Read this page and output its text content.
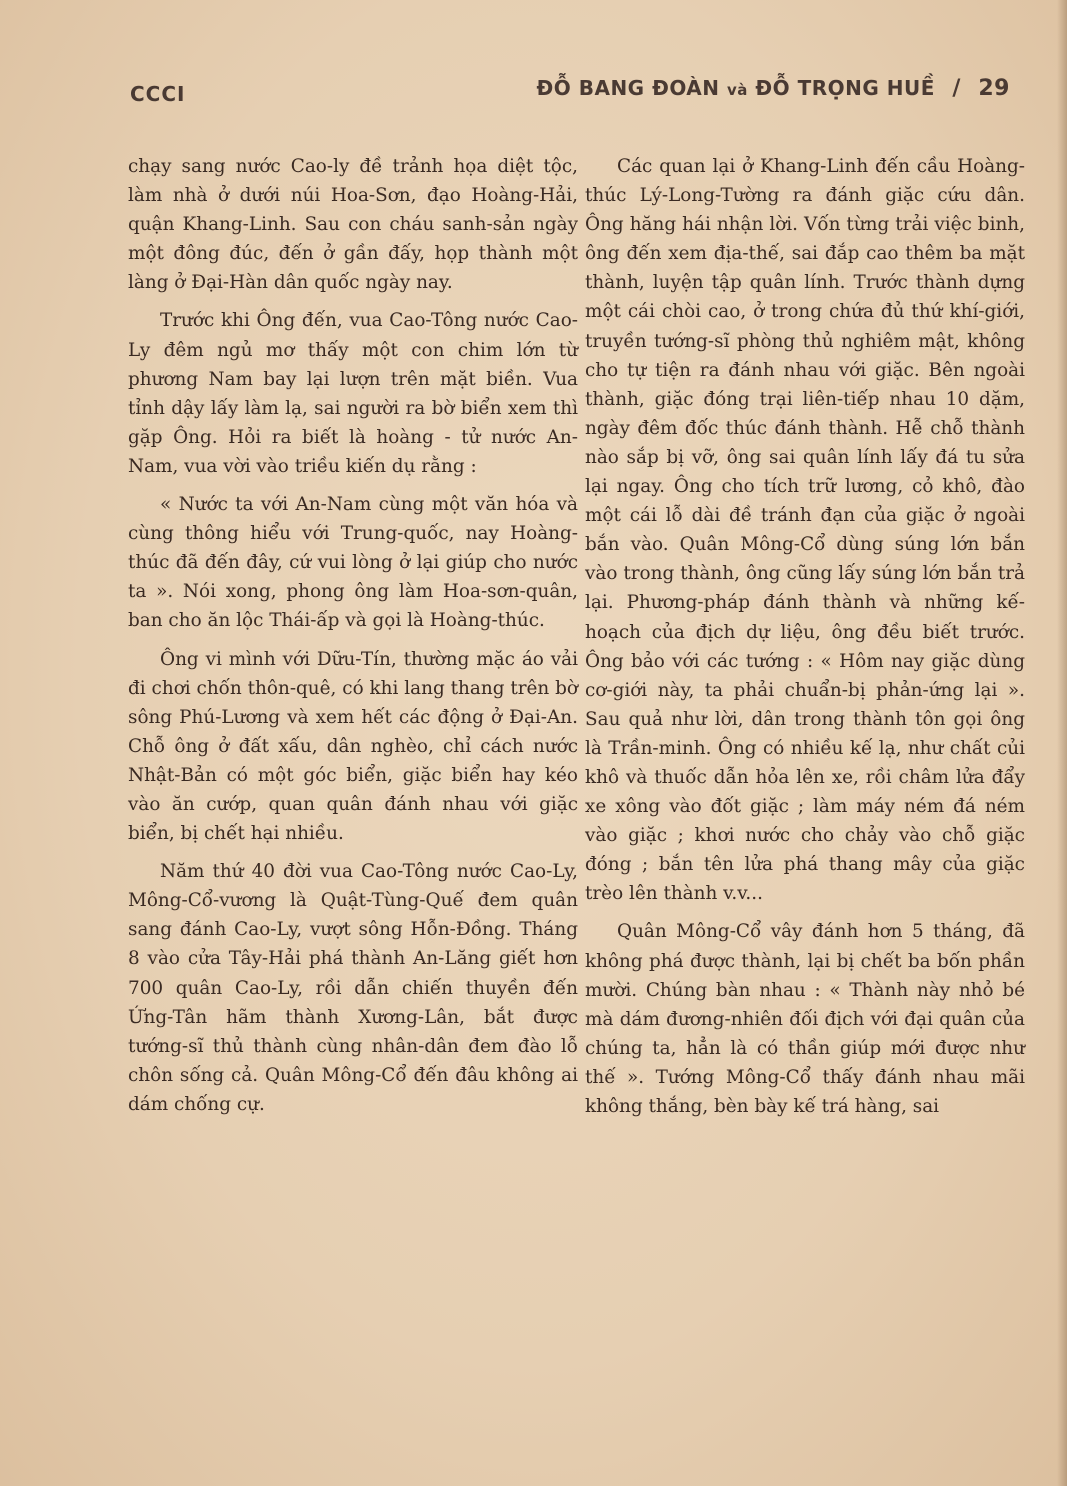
CCCI	ĐỖ BANG ĐOÀN và ĐỖ TRỌNG HUỀ / 29

chạy sang nước Cao-ly đề trảnh họa diệt tộc, làm nhà ở dưới núi Hoa-Sơn, đạo Hoàng-Hải, quận Khang-Linh. Sau con cháu sanh-sản ngày một đông đúc, đến ở gần đấy, họp thành một làng ở Đại-Hàn dân quốc ngày nay.

Trước khi Ông đến, vua Cao-Tông nước Cao-Ly đêm ngủ mơ thấy một con chim lớn từ phương Nam bay lại lượn trên mặt biền. Vua tỉnh dậy lấy làm lạ, sai người ra bờ biển xem thì gặp Ông. Hỏi ra biết là hoàng - tử nước An-Nam, vua vời vào triều kiến dụ rằng :

« Nước ta với An-Nam cùng một văn hóa và cùng thông hiểu với Trung-quốc, nay Hoàng-thúc đã đến đây, cứ vui lòng ở lại giúp cho nước ta ». Nói xong, phong ông làm Hoa-sơn-quân, ban cho ăn lộc Thái-ấp và gọi là Hoàng-thúc.

Ông vi mình với Dữu-Tín, thường mặc áo vải đi chơi chốn thôn-quê, có khi lang thang trên bờ sông Phú-Lương và xem hết các động ở Đại-An. Chỗ ông ở đất xấu, dân nghèo, chỉ cách nước Nhật-Bản có một góc biển, giặc biển hay kéo vào ăn cướp, quan quân đánh nhau với giặc biển, bị chết hại nhiều.

Năm thứ 40 đời vua Cao-Tông nước Cao-Ly, Mông-Cổ-vương là Quật-Tùng-Quế đem quân sang đánh Cao-Ly, vượt sông Hỗn-Đồng. Tháng 8 vào cửa Tây-Hải phá thành An-Lăng giết hơn 700 quân Cao-Ly, rồi dẫn chiến thuyền đến Ứng-Tân hãm thành Xương-Lân, bắt được tướng-sĩ thủ thành cùng nhân-dân đem đào lỗ chôn sống cả. Quân Mông-Cổ đến đâu không ai dám chống cự.

Các quan lại ở Khang-Linh đến cầu Hoàng-thúc Lý-Long-Tường ra đánh giặc cứu dân. Ông hăng hái nhận lời. Vốn từng trải việc binh, ông đến xem địa-thế, sai đắp cao thêm ba mặt thành, luyện tập quân lính. Trước thành dựng một cái chòi cao, ở trong chứa đủ thứ khí-giới, truyền tướng-sĩ phòng thủ nghiêm mật, không cho tự tiện ra đánh nhau với giặc. Bên ngoài thành, giặc đóng trại liên-tiếp nhau 10 dặm, ngày đêm đốc thúc đánh thành. Hễ chỗ thành nào sắp bị vỡ, ông sai quân lính lấy đá tu sửa lại ngay. Ông cho tích trữ lương, cỏ khô, đào một cái lỗ dài đề tránh đạn của giặc ở ngoài bắn vào. Quân Mông-Cổ dùng súng lớn bắn vào trong thành, ông cũng lấy súng lớn bắn trả lại. Phương-pháp đánh thành và những kế-hoạch của địch dự liệu, ông đều biết trước. Ông bảo với các tướng : « Hôm nay giặc dùng cơ-giới này, ta phải chuẩn-bị phản-ứng lại ». Sau quả như lời, dân trong thành tôn gọi ông là Trần-minh. Ông có nhiều kế lạ, như chất củi khô và thuốc dẫn hỏa lên xe, rồi châm lửa đẩy xe xông vào đốt giặc ; làm máy ném đá ném vào giặc ; khơi nước cho chảy vào chỗ giặc đóng ; bắn tên lửa phá thang mây của giặc trèo lên thành v.v...

Quân Mông-Cổ vây đánh hơn 5 tháng, đã không phá được thành, lại bị chết ba bốn phần mười. Chúng bàn nhau : « Thành này nhỏ bé mà dám đương-nhiên đối địch với đại quân của chúng ta, hẳn là có thần giúp mới được như thế ». Tướng Mông-Cổ thấy đánh nhau mãi không thắng, bèn bày kế trá hàng, sai
